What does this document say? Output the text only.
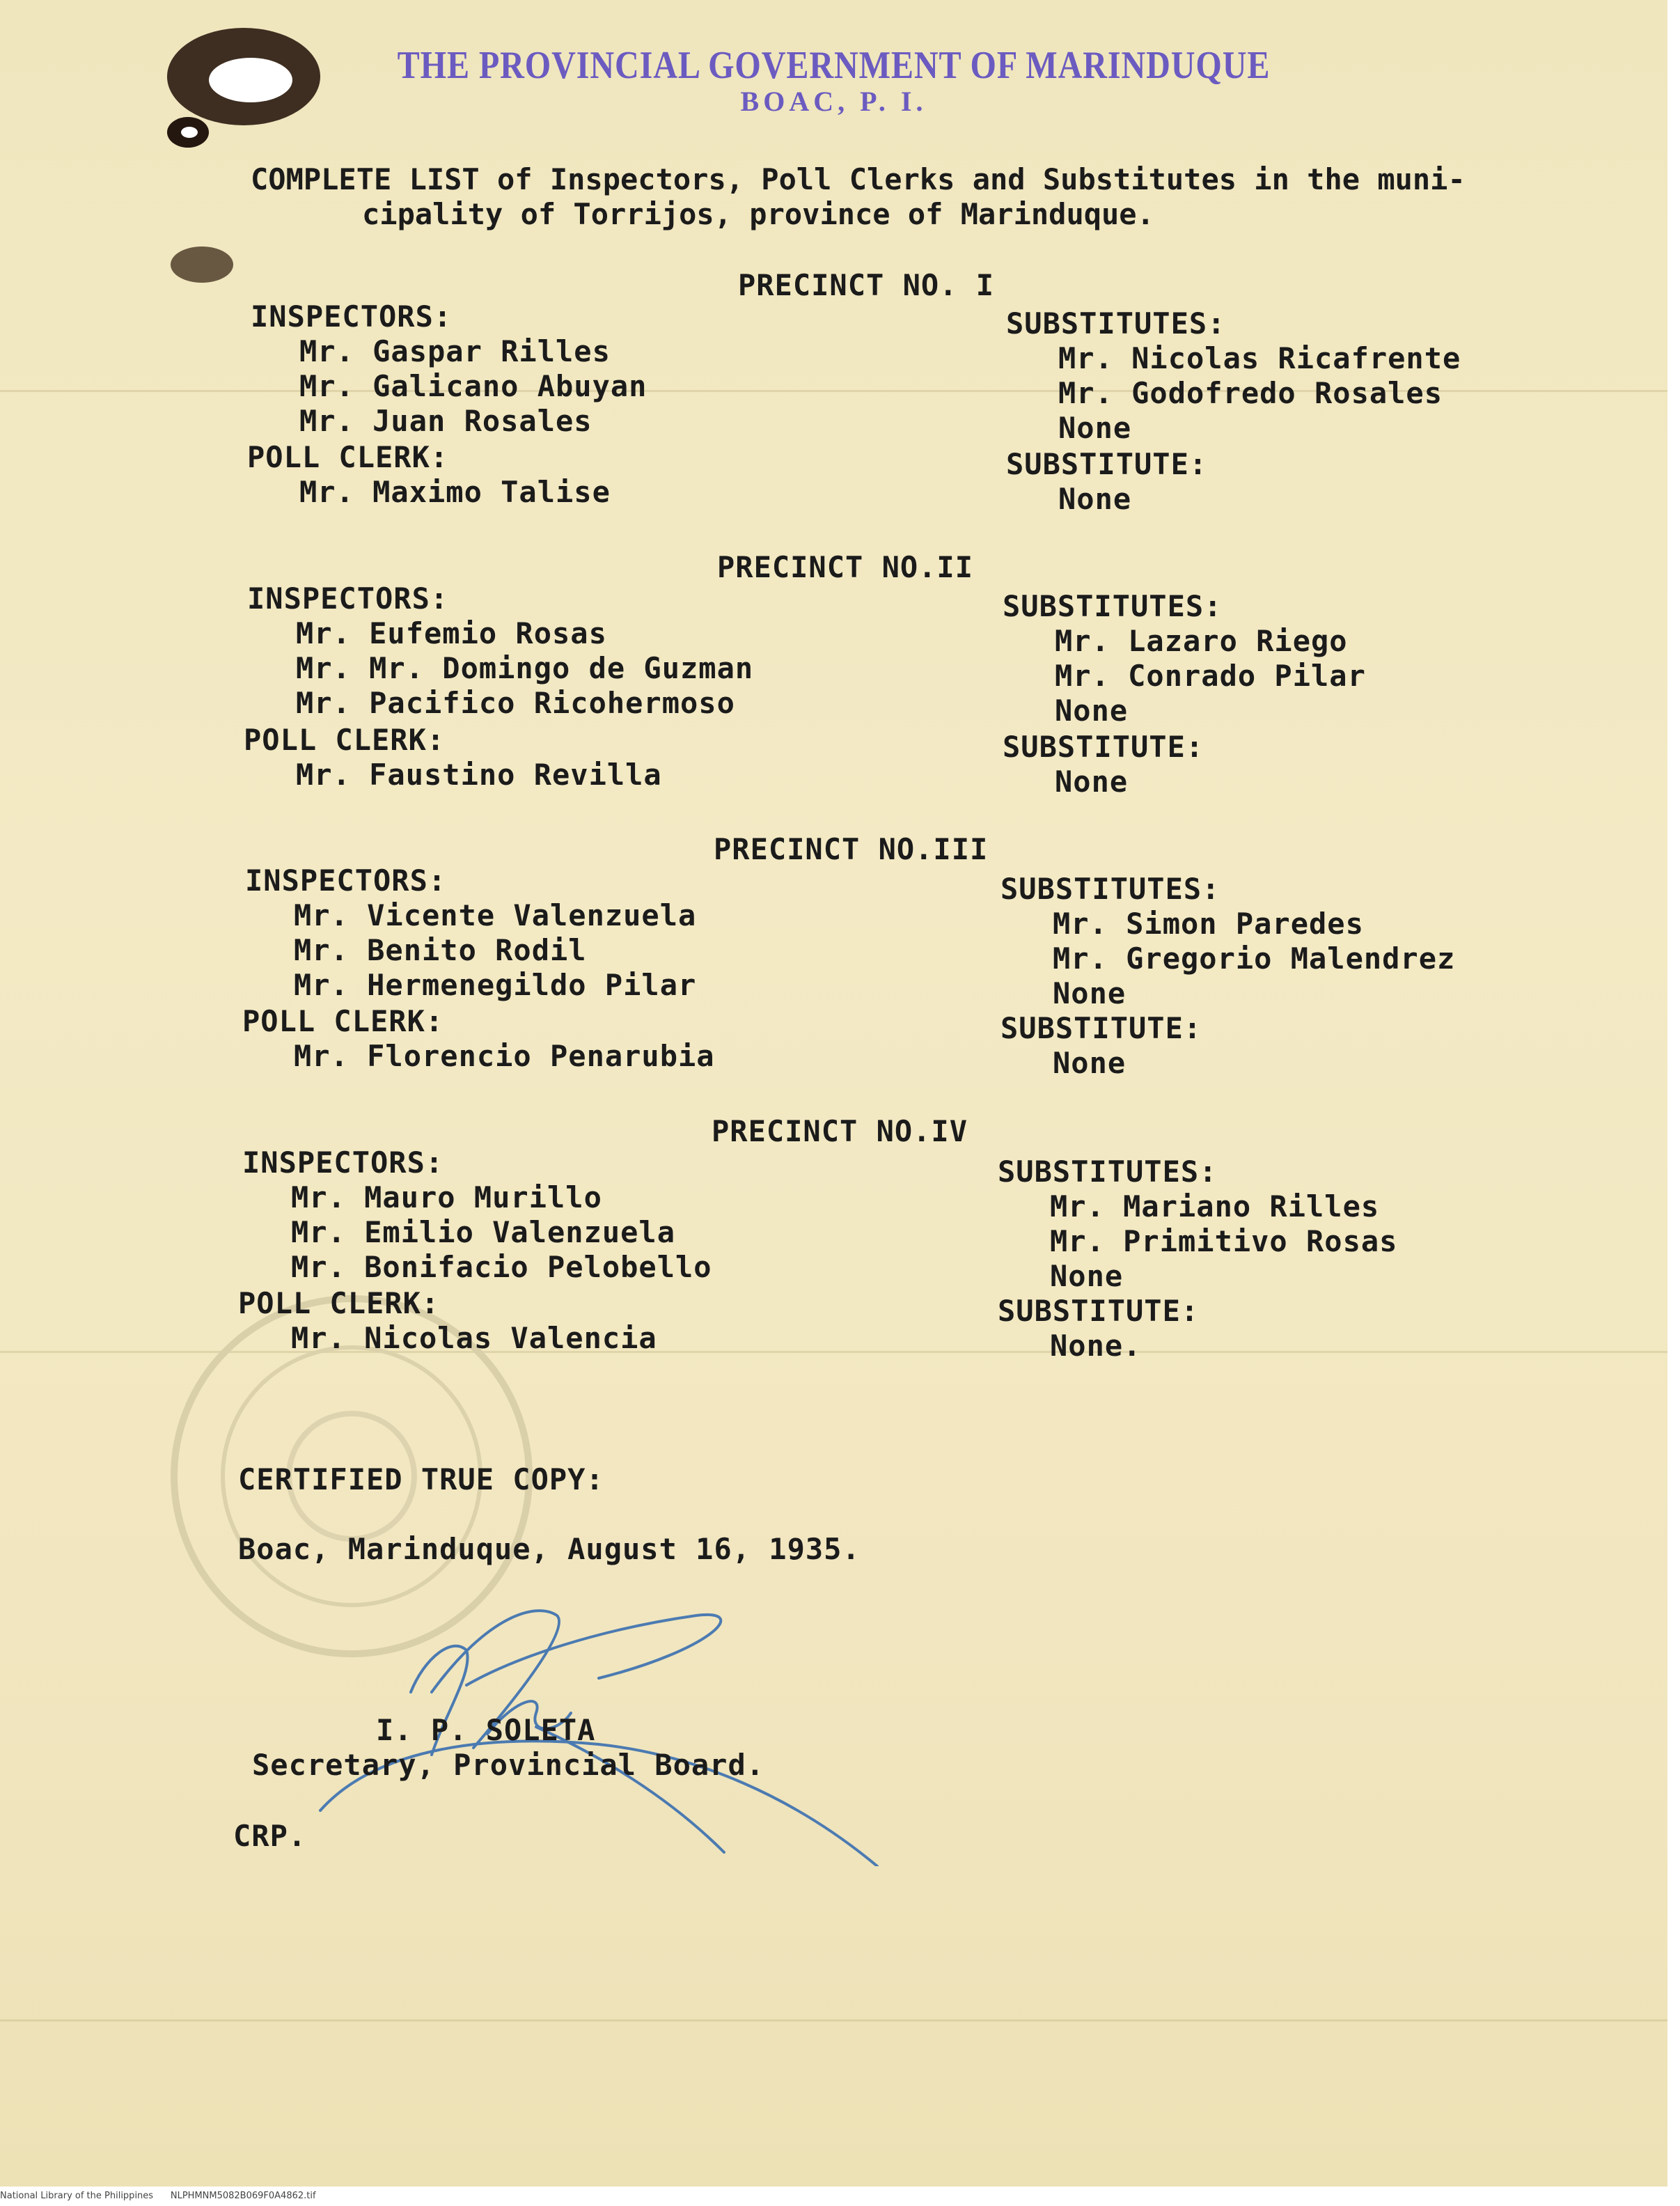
THE PROVINCIAL GOVERNMENT OF MARINDUQUE
BOAC, P. I.
COMPLETE LIST of Inspectors, Poll Clerks and Substitutes in the muni-
cipality of Torrijos, province of Marinduque.
PRECINCT NO. I
INSPECTORS:
Mr. Gaspar Rilles
Mr. Galicano Abuyan
Mr. Juan Rosales
POLL CLERK:
Mr. Maximo Talise
SUBSTITUTES:
Mr. Nicolas Ricafrente
Mr. Godofredo Rosales
None
SUBSTITUTE:
None
PRECINCT NO.II
INSPECTORS:
Mr. Eufemio Rosas
Mr. Mr. Domingo de Guzman
Mr. Pacifico Ricohermoso
POLL CLERK:
Mr. Faustino Revilla
SUBSTITUTES:
Mr. Lazaro Riego
Mr. Conrado Pilar
None
SUBSTITUTE:
None
PRECINCT NO.III
INSPECTORS:
Mr. Vicente Valenzuela
Mr. Benito Rodil
Mr. Hermenegildo Pilar
POLL CLERK:
Mr. Florencio Penarubia
SUBSTITUTES:
Mr. Simon Paredes
Mr. Gregorio Malendrez
None
SUBSTITUTE:
None
PRECINCT NO.IV
INSPECTORS:
Mr. Mauro Murillo
Mr. Emilio Valenzuela
Mr. Bonifacio Pelobello
POLL CLERK:
Mr. Nicolas Valencia
SUBSTITUTES:
Mr. Mariano Rilles
Mr. Primitivo Rosas
None
SUBSTITUTE:
None.
CERTIFIED TRUE COPY:
Boac, Marinduque, August 16, 1935.
I. P. SOLETA
Secretary, Provincial Board.
CRP.
National Library of the Philippines NLPHMNM5082B069F0A4862.tif
